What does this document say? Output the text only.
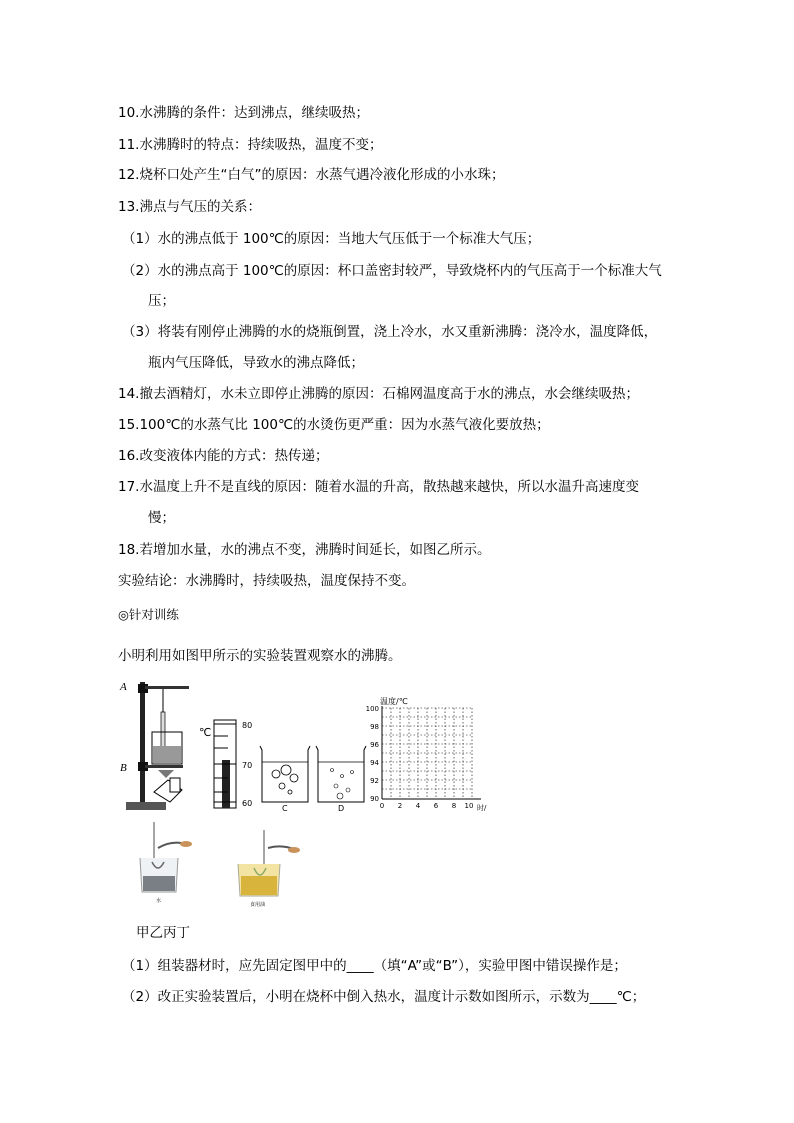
10.水沸腾的条件：达到沸点，继续吸热；
11.水沸腾时的特点：持续吸热，温度不变；
12.烧杯口处产生“白气”的原因：水蒸气遇冷液化形成的小水珠；
13.沸点与气压的关系：
（1）水的沸点低于 100℃的原因：当地大气压低于一个标准大气压；
（2）水的沸点高于 100℃的原因：杯口盖密封较严，导致烧杯内的气压高于一个标准大气
压；
（3）将装有刚停止沸腾的水的烧瓶倒置，浇上冷水，水又重新沸腾：浇冷水，温度降低，
瓶内气压降低，导致水的沸点降低；
14.撤去酒精灯，水未立即停止沸腾的原因：石棉网温度高于水的沸点，水会继续吸热；
15.100℃的水蒸气比 100℃的水烫伤更严重：因为水蒸气液化要放热；
16.改变液体内能的方式：热传递；
17.水温度上升不是直线的原因：随着水温的升高，散热越来越快，所以水温升高速度变
慢；
18.若增加水量，水的沸点不变，沸腾时间延长，如图乙所示。
实验结论：水沸腾时，持续吸热，温度保持不变。
◎针对训练
小明利用如图甲所示的实验装置观察水的沸腾。
A
B
℃
80
70
60
C	D
温度/℃
100
98
96
94
92
90
0 2 4 6 8 10 时/
水
食用油
甲乙丙丁
（1）组装器材时，应先固定图甲中的____（填“A”或“B”），实验甲图中错误操作是；
（2）改正实验装置后，小明在烧杯中倒入热水，温度计示数如图所示，示数为____℃；
